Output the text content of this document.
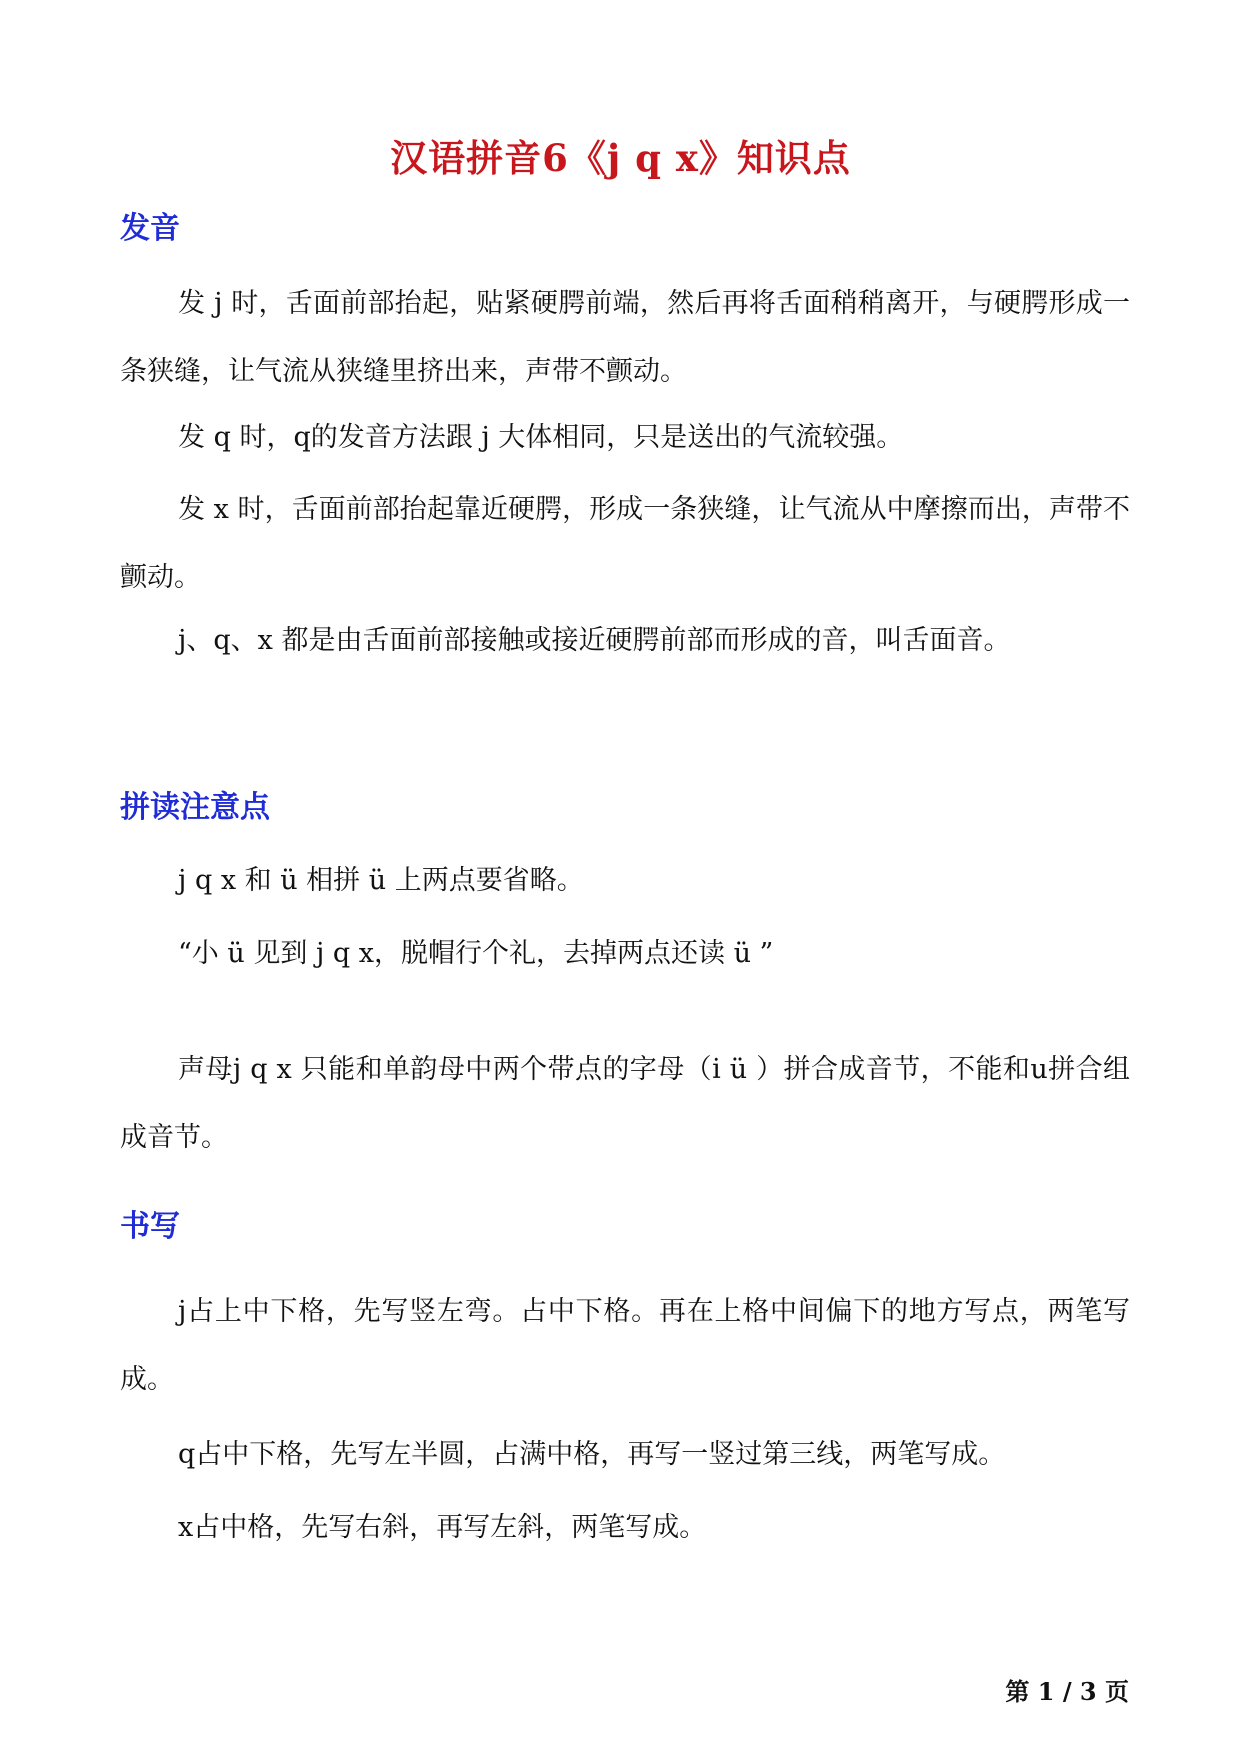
汉语拼音6《j q x》知识点
发音

发 j 时，舌面前部抬起，贴紧硬腭前端，然后再将舌面稍稍离开，与硬腭形成一条狭缝，让气流从狭缝里挤出来，声带不颤动。

发 q 时，q的发音方法跟 j 大体相同，只是送出的气流较强。

发 x 时，舌面前部抬起靠近硬腭，形成一条狭缝，让气流从中摩擦而出，声带不颤动。

j、q、x 都是由舌面前部接触或接近硬腭前部而形成的音，叫舌面音。

拼读注意点

j q x 和 ü 相拼 ü 上两点要省略。

“小 ü 见到 j q x，脱帽行个礼，去掉两点还读 ü ”

声母j q x 只能和单韵母中两个带点的字母（i ü ）拼合成音节，不能和u拼合组成音节。

书写

j占上中下格，先写竖左弯。占中下格。再在上格中间偏下的地方写点，两笔写成。

q占中下格，先写左半圆，占满中格，再写一竖过第三线，两笔写成。

x占中格，先写右斜，再写左斜，两笔写成。

第 1 / 3 页
